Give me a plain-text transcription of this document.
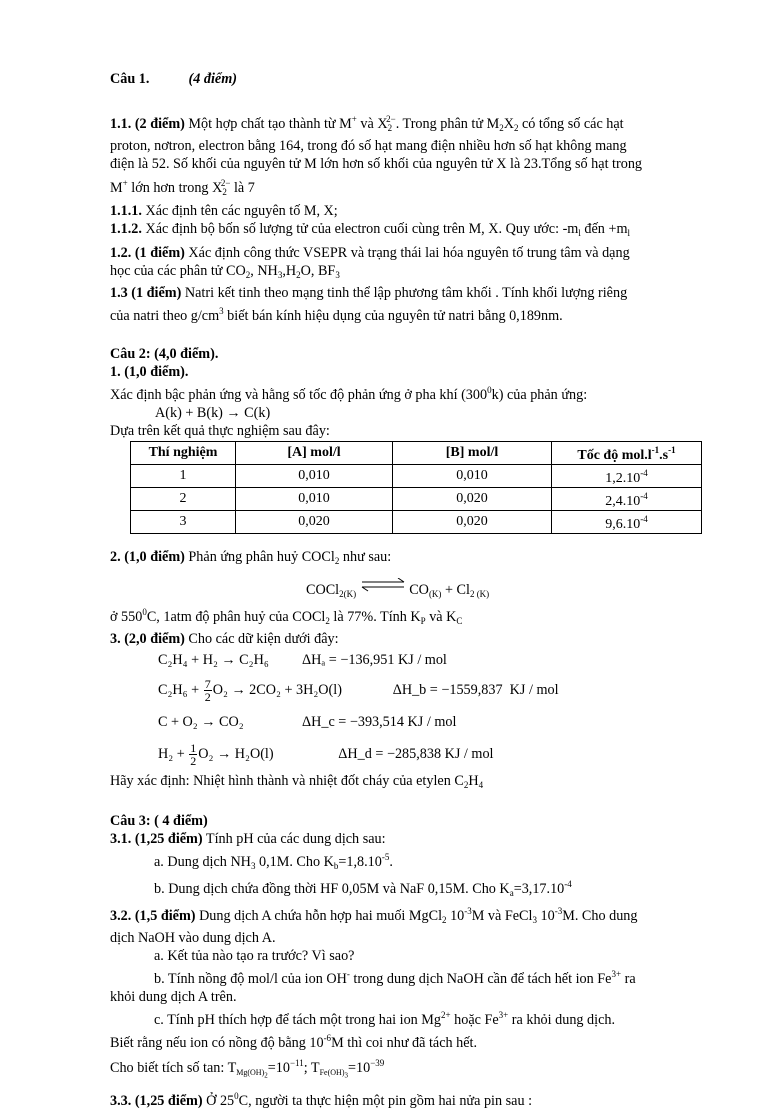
Câu 1.	(4 điểm)

1.1. (2 điểm) Một hợp chất tạo thành từ M+ và $X_2^{2-}$. Trong phân tử $M_2X_2$ có tổng số các hạt

proton, nơtron, electron bằng 164, trong đó số hạt mang điện nhiều hơn số hạt không mang

điện là 52. Số khối của nguyên tử M lớn hơn số khối của nguyên tử X là 23.Tổng số hạt trong

M+ lớn hơn trong $X_2^{2-}$ là 7

1.1.1. Xác định tên các nguyên tố M, X;

1.1.2. Xác định bộ bốn số lượng tử của electron cuối cùng trên M, X. Quy ước: $-m_l$ đến $+m_l$

1.2. (1 điểm) Xác định công thức VSEPR và trạng thái lai hóa nguyên tố trung tâm và dạng

học của các phân tử $CO_2$, $NH_3,H_2O$, $BF_3$

1.3 (1 điểm) Natri kết tinh theo mạng tinh thể lập phương tâm khối . Tính khối lượng riêng

của natri theo $g/cm^3$ biết bán kính hiệu dụng của nguyên tử natri bằng 0,189nm.

Câu 2: (4,0 điểm).

1. (1,0 điểm).

Xác định bậc phản ứng và hằng số tốc độ phản ứng ở pha khí $(300^0k)$ của phản ứng:

A(k) + B(k) → C(k)

Dựa trên kết quả thực nghiệm sau đây:

Thí nghiệm	[A] mol/l	[B] mol/l	Tốc độ $mol.l^{-1}.s^{-1}$
1	0,010	0,010	$1,2.10^{-4}$
2	0,010	0,020	$2,4.10^{-4}$
3	0,020	0,020	$9,6.10^{-4}$

2. (1,0 điểm) Phản ứng phân huỷ COCl$_2$ như sau:

COCl$_{2(K)}$ ⇌ $CO_{(K)} + Cl_{2 (K)}$

ở $550^0C$, 1atm độ phân huỷ của COCl$_2$ là 77%. Tính $K_P$ và $K_C$

3. (2,0 điểm) Cho các dữ kiện dưới đây:

C₂H₄ + H₂ → C₂H₆	ΔHₐ = −136,951 KJ / mol
$C_2H_6 + \frac{7}{2} O_2 \to 2CO_2 + 3H_2O(l)$	ΔH_b = −1559,837  KJ / mol
C + O₂ → CO₂	ΔH_c = −393,514 KJ / mol
$H_2 + \frac{1}{2} O_2 \to H_2O(l)$	ΔH_d = −285,838 KJ / mol

Hãy xác định: Nhiệt hình thành và nhiệt đốt cháy của etylen $C_2H_4$

Câu 3: ( 4 điểm)

3.1. (1,25 điểm) Tính pH của các dung dịch sau:

a. Dung dịch $NH_3$ 0,1M. Cho $K_b=1,8.10^{-5}$.

b. Dung dịch chứa đồng thời HF 0,05M và NaF 0,15M. Cho $K_a=3,17.10^{-4}$

3.2. (1,5 điểm) Dung dịch A chứa hỗn hợp hai muối MgCl$_2$ $10^{-3}M$ và FeCl$_3$ $10^{-3}M$. Cho dung

dịch NaOH vào dung dịch A.

a. Kết tủa nào tạo ra trước? Vì sao?

b. Tính nồng độ mol/l của ion OH- trong dung dịch NaOH cần để tách hết ion $Fe^{3+}$ ra

khỏi dung dịch A trên.

c. Tính pH thích hợp để tách một trong hai ion $Mg^{2+}$ hoặc $Fe^{3+}$ ra khỏi dung dịch.

Biết rằng nếu ion có nồng độ bằng $10^{-6}M$ thì coi như đã tách hết.

Cho biết tích số tan: $T_{Mg(OH)_2}=10^{-11}$; $T_{Fe(OH)_3}=10^{-39}$

3.3. (1,25 điểm) Ở $25^0C$, người ta thực hiện một pin gồm hai nửa pin sau :
